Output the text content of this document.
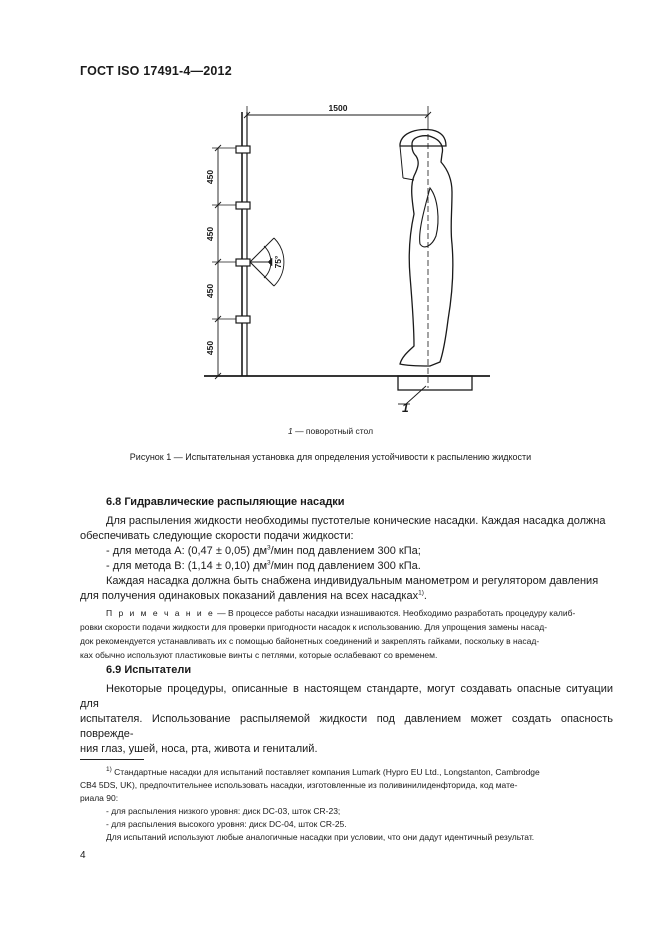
ГОСТ ISO 17491-4—2012
1500
450
450
450
450
75°
1
1 — поворотный стол
Рисунок 1 — Испытательная установка для определения устойчивости к распылению жидкости
6.8 Гидравлические распыляющие насадки
Для распыления жидкости необходимы пустотелые конические насадки. Каждая насадка должна
обеспечивать следующие скорости подачи жидкости:
- для метода А: (0,47 ± 0,05) $дм^3$/мин под давлением 300 кПа;
- для метода В: (1,14 ± 0,10) $дм^3$/мин под давлением 300 кПа.
Каждая насадка должна быть снабжена индивидуальным манометром и регулятором давления
для получения одинаковых показаний давления на всех насадках$^{1)}$.
П р и м е ч а н и е — В процессе работы насадки изнашиваются. Необходимо разработать процедуру калиб-
ровки скорости подачи жидкости для проверки пригодности насадок к использованию. Для упрощения замены насад-
док рекомендуется устанавливать их с помощью байонетных соединений и закреплять гайками, поскольку в насад-
ках обычно используют пластиковые винты с петлями, которые ослабевают со временем.
6.9 Испытатели
Некоторые процедуры, описанные в настоящем стандарте, могут создавать опасные ситуации для
испытателя. Использование распыляемой жидкости под давлением может создать опасность поврежде-
ния глаз, ушей, носа, рта, живота и гениталий.
$^{1)}$ Стандартные насадки для испытаний поставляет компания Lumark (Hypro EU Ltd., Longstanton, Cambrodge
CB4 5DS, UK), предпочтительнее использовать насадки, изготовленные из поливинилиденфторида, код мате-
риала 90:
- для распыления низкого уровня: диск DC-03, шток CR-23;
- для распыления высокого уровня: диск DC-04, шток CR-25.
Для испытаний используют любые аналогичные насадки при условии, что они дадут идентичный результат.
4
